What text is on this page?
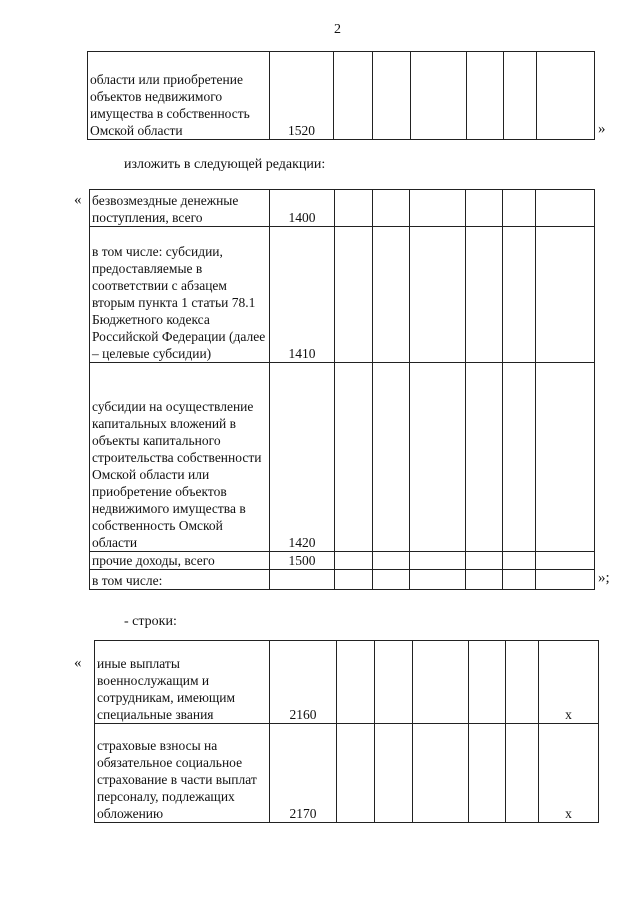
2
области или приобретение объектов недвижимого имущества в собственность Омской области	1520							»
изложить в следующей редакции:
« безвозмездные денежные поступления, всего	1400						
в том числе: субсидии, предоставляемые в соответствии с абзацем вторым пункта 1 статьи 78.1 Бюджетного кодекса Российской Федерации (далее – целевые субсидии)	1410						
субсидии на осуществление капитальных вложений в объекты капитального строительства собственности Омской области или приобретение объектов недвижимого имущества в собственность Омской области	1420						
прочие доходы, всего	1500						
в том числе:								»;
- строки:
« иные выплаты военнослужащим и сотрудникам, имеющим специальные звания	2160						x
страховые взносы на обязательное социальное страхование в части выплат персоналу, подлежащих обложению	2170						x
